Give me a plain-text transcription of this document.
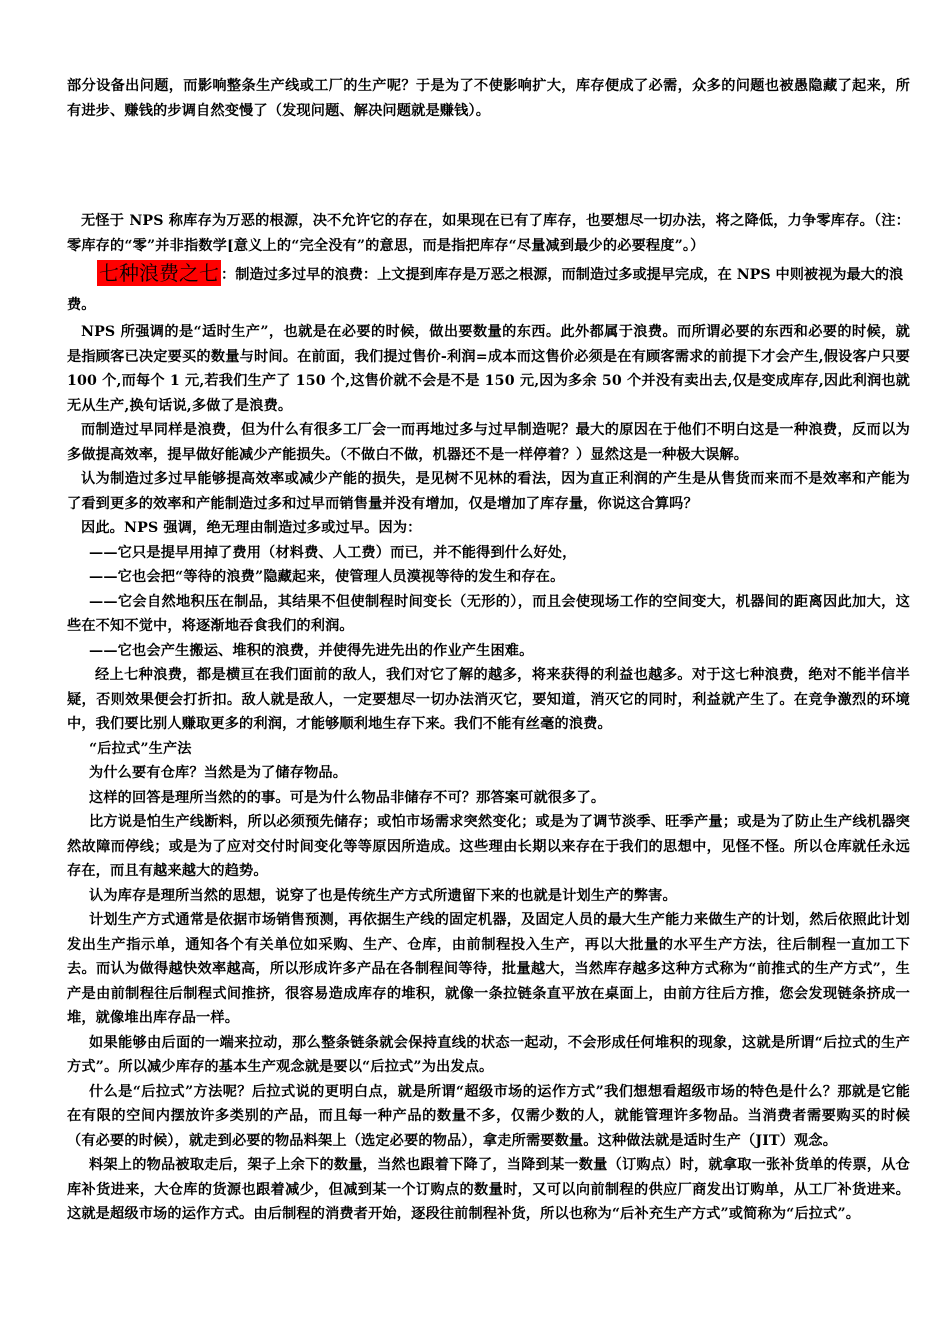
部分设备出问题，而影响整条生产线或工厂的生产呢？于是为了不使影响扩大，库存便成了必需，众多的问题也被愚隐藏了起来，所有进步、赚钱的步调自然变慢了（发现问题、解决问题就是赚钱）。

无怪于 NPS 称库存为万恶的根源，决不允许它的存在，如果现在已有了库存，也要想尽一切办法，将之降低，力争零库存。（注：零库存的“零”并非指数学[意义上的“完全没有”的意思，而是指把库存“尽量减到最少的必要程度”。）

七种浪费之七 ：制造过多过早的浪费：上文提到库存是万恶之根源，而制造过多或提早完成，在 NPS 中则被视为最大的浪费。

NPS 所强调的是“适时生产”，也就是在必要的时候，做出要数量的东西。此外都属于浪费。而所谓必要的东西和必要的时候，就是指顾客已决定要买的数量与时间。在前面，我们提过售价-利润=成本而这售价必须是在有顾客需求的前提下才会产生,假设客户只要 100 个,而每个 1 元,若我们生产了 150 个,这售价就不会是不是 150 元,因为多余 50 个并没有卖出去,仅是变成库存,因此利润也就无从生产,换句话说,多做了是浪费。

而制造过早同样是浪费，但为什么有很多工厂会一而再地过多与过早制造呢？最大的原因在于他们不明白这是一种浪费，反而以为多做提高效率，提早做好能减少产能损失。（不做白不做，机器还不是一样停着？）显然这是一种极大误解。

认为制造过多过早能够提高效率或减少产能的损失，是见树不见林的看法，因为直正利润的产生是从售货而来而不是效率和产能为了看到更多的效率和产能制造过多和过早而销售量并没有增加，仅是增加了库存量，你说这合算吗？

因此。NPS 强调，绝无理由制造过多或过早。因为：

——它只是提早用掉了费用（材料费、人工费）而已，并不能得到什么好处，

——它也会把“等待的浪费”隐藏起来，使管理人员漠视等待的发生和存在。

——它会自然地积压在制品，其结果不但使制程时间变长（无形的），而且会使现场工作的空间变大，机器间的距离因此加大，这些在不知不觉中，将逐渐地吞食我们的利润。

——它也会产生搬运、堆积的浪费，并使得先进先出的作业产生困难。

经上七种浪费，都是横亘在我们面前的敌人，我们对它了解的越多，将来获得的利益也越多。对于这七种浪费，绝对不能半信半疑，否则效果便会打折扣。敌人就是敌人，一定要想尽一切办法消灭它，要知道，消灭它的同时，利益就产生了。在竞争激烈的环境中，我们要比别人赚取更多的利润，才能够顺利地生存下来。我们不能有丝毫的浪费。

“后拉式”生产法

为什么要有仓库？当然是为了储存物品。

这样的回答是理所当然的的事。可是为什么物品非储存不可？那答案可就很多了。

比方说是怕生产线断料，所以必须预先储存；或怕市场需求突然变化；或是为了调节淡季、旺季产量；或是为了防止生产线机器突然故障而停线；或是为了应对交付时间变化等等原因所造成。这些理由长期以来存在于我们的思想中，见怪不怪。所以仓库就任永远存在，而且有越来越大的趋势。

认为库存是理所当然的思想，说穿了也是传统生产方式所遗留下来的也就是计划生产的弊害。

计划生产方式通常是依据市场销售预测，再依据生产线的固定机器，及固定人员的最大生产能力来做生产的计划，然后依照此计划发出生产指示单，通知各个有关单位如采购、生产、仓库，由前制程投入生产，再以大批量的水平生产方法，往后制程一直加工下去。而认为做得越快效率越高，所以形成许多产品在各制程间等待，批量越大，当然库存越多这种方式称为“前推式的生产方式”，生产是由前制程往后制程式间推挤，很容易造成库存的堆积，就像一条拉链条直平放在桌面上，由前方往后方推，您会发现链条挤成一堆，就像堆出库存品一样。

如果能够由后面的一端来拉动，那么整条链条就会保持直线的状态一起动，不会形成任何堆积的现象，这就是所谓“后拉式的生产方式”。所以减少库存的基本生产观念就是要以“后拉式”为出发点。

什么是“后拉式”方法呢？后拉式说的更明白点，就是所谓“超级市场的运作方式”我们想想看超级市场的特色是什么？那就是它能在有限的空间内摆放许多类别的产品，而且每一种产品的数量不多，仅需少数的人，就能管理许多物品。当消费者需要购买的时候（有必要的时候），就走到必要的物品料架上（选定必要的物品），拿走所需要数量。这种做法就是适时生产（JIT）观念。

料架上的物品被取走后，架子上余下的数量，当然也跟着下降了，当降到某一数量（订购点）时，就拿取一张补货单的传票，从仓库补货进来，大仓库的货源也跟着减少，但减到某一个订购点的数量时，又可以向前制程的供应厂商发出订购单，从工厂补货进来。这就是超级市场的运作方式。由后制程的消费者开始，逐段往前制程补货，所以也称为“后补充生产方式”或简称为“后拉式”。
